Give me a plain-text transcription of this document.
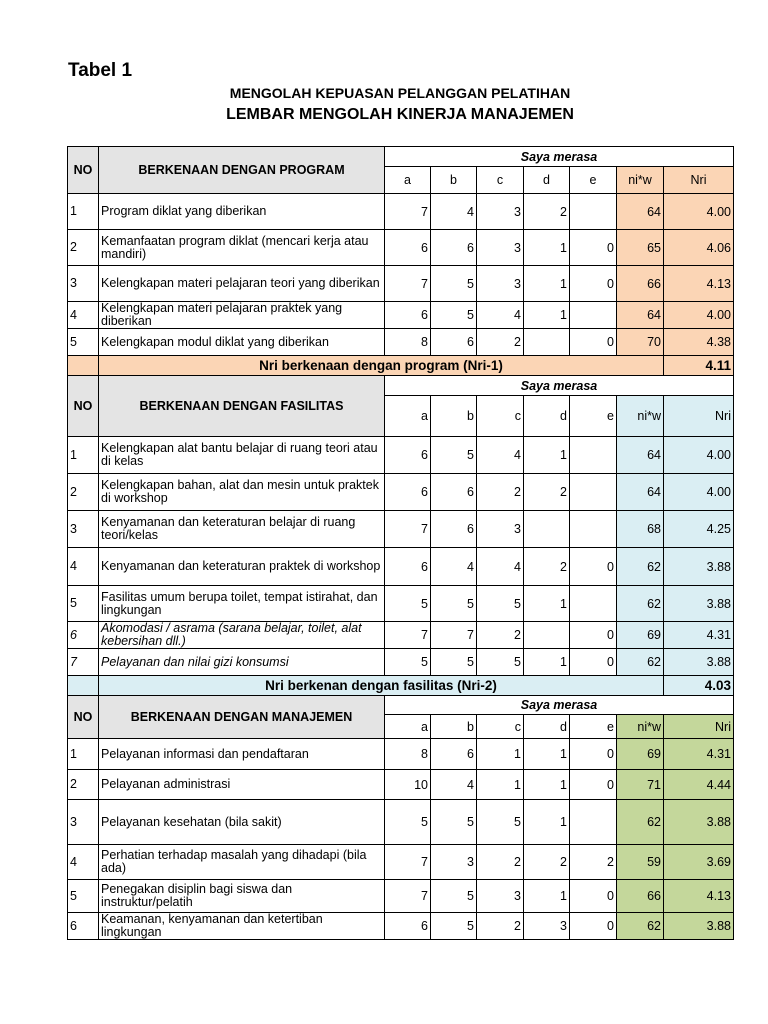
Tabel 1
MENGOLAH KEPUASAN PELANGGAN PELATIHAN
LEMBAR MENGOLAH KINERJA MANAJEMEN
NO	BERKENAAN DENGAN PROGRAM	Saya merasa						
		a	b	c	d	e	ni*w	Nri
1	Program diklat yang diberikan	7	4	3	2		64	4.00
2	Kemanfaatan program diklat (mencari kerja atau mandiri)	6	6	3	1	0	65	4.06
3	Kelengkapan materi pelajaran teori yang diberikan	7	5	3	1	0	66	4.13
4	Kelengkapan materi pelajaran praktek yang diberikan	6	5	4	1		64	4.00
5	Kelengkapan modul diklat yang diberikan	8	6	2		0	70	4.38
	Nri berkenaan dengan program (Nri-1)							4.11
NO	BERKENAAN DENGAN FASILITAS	Saya merasa						
		a	b	c	d	e	ni*w	Nri
1	Kelengkapan alat bantu belajar di ruang teori atau di kelas	6	5	4	1		64	4.00
2	Kelengkapan bahan, alat dan mesin untuk praktek di workshop	6	6	2	2		64	4.00
3	Kenyamanan dan keteraturan belajar di ruang teori/kelas	7	6	3			68	4.25
4	Kenyamanan dan keteraturan praktek di workshop	6	4	4	2	0	62	3.88
5	Fasilitas umum berupa toilet, tempat istirahat, dan lingkungan	5	5	5	1		62	3.88
6	Akomodasi / asrama (sarana belajar, toilet, alat kebersihan dll.)	7	7	2		0	69	4.31
7	Pelayanan dan nilai gizi konsumsi	5	5	5	1	0	62	3.88
	Nri berkenan dengan fasilitas (Nri-2)							4.03
NO	BERKENAAN DENGAN MANAJEMEN	Saya merasa						
		a	b	c	d	e	ni*w	Nri
1	Pelayanan informasi dan pendaftaran	8	6	1	1	0	69	4.31
2	Pelayanan administrasi	10	4	1	1	0	71	4.44
3	Pelayanan kesehatan (bila sakit)	5	5	5	1		62	3.88
4	Perhatian terhadap masalah yang dihadapi (bila ada)	7	3	2	2	2	59	3.69
5	Penegakan disiplin bagi siswa dan instruktur/pelatih	7	5	3	1	0	66	4.13
6	Keamanan, kenyamanan dan ketertiban lingkungan	6	5	2	3	0	62	3.88
